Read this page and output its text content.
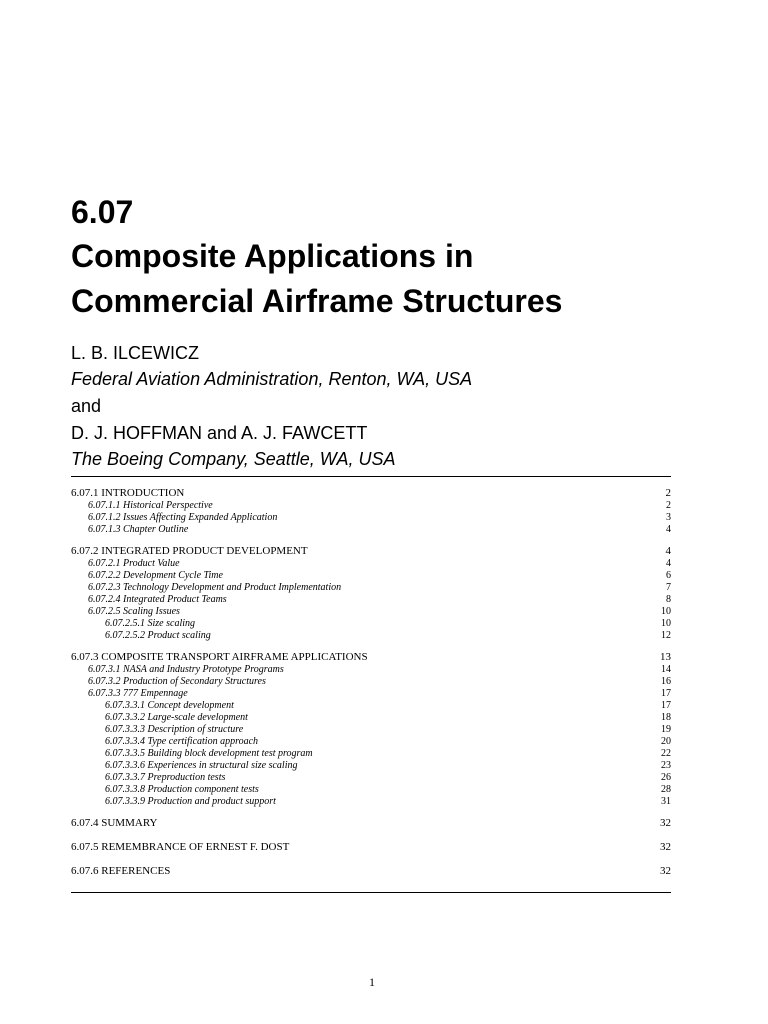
6.07
Composite Applications in
Commercial Airframe Structures
L. B. ILCEWICZ
Federal Aviation Administration, Renton, WA, USA
and
D. J. HOFFMAN and A. J. FAWCETT
The Boeing Company, Seattle, WA, USA
6.07.1 INTRODUCTION	2
6.07.1.1 Historical Perspective	2
6.07.1.2 Issues Affecting Expanded Application	3
6.07.1.3 Chapter Outline	4
6.07.2 INTEGRATED PRODUCT DEVELOPMENT	4
6.07.2.1 Product Value	4
6.07.2.2 Development Cycle Time	6
6.07.2.3 Technology Development and Product Implementation	7
6.07.2.4 Integrated Product Teams	8
6.07.2.5 Scaling Issues	10
6.07.2.5.1 Size scaling	10
6.07.2.5.2 Product scaling	12
6.07.3 COMPOSITE TRANSPORT AIRFRAME APPLICATIONS	13
6.07.3.1 NASA and Industry Prototype Programs	14
6.07.3.2 Production of Secondary Structures	16
6.07.3.3 777 Empennage	17
6.07.3.3.1 Concept development	17
6.07.3.3.2 Large-scale development	18
6.07.3.3.3 Description of structure	19
6.07.3.3.4 Type certification approach	20
6.07.3.3.5 Building block development test program	22
6.07.3.3.6 Experiences in structural size scaling	23
6.07.3.3.7 Preproduction tests	26
6.07.3.3.8 Production component tests	28
6.07.3.3.9 Production and product support	31
6.07.4 SUMMARY	32
6.07.5 REMEMBRANCE OF ERNEST F. DOST	32
6.07.6 REFERENCES	32
1
